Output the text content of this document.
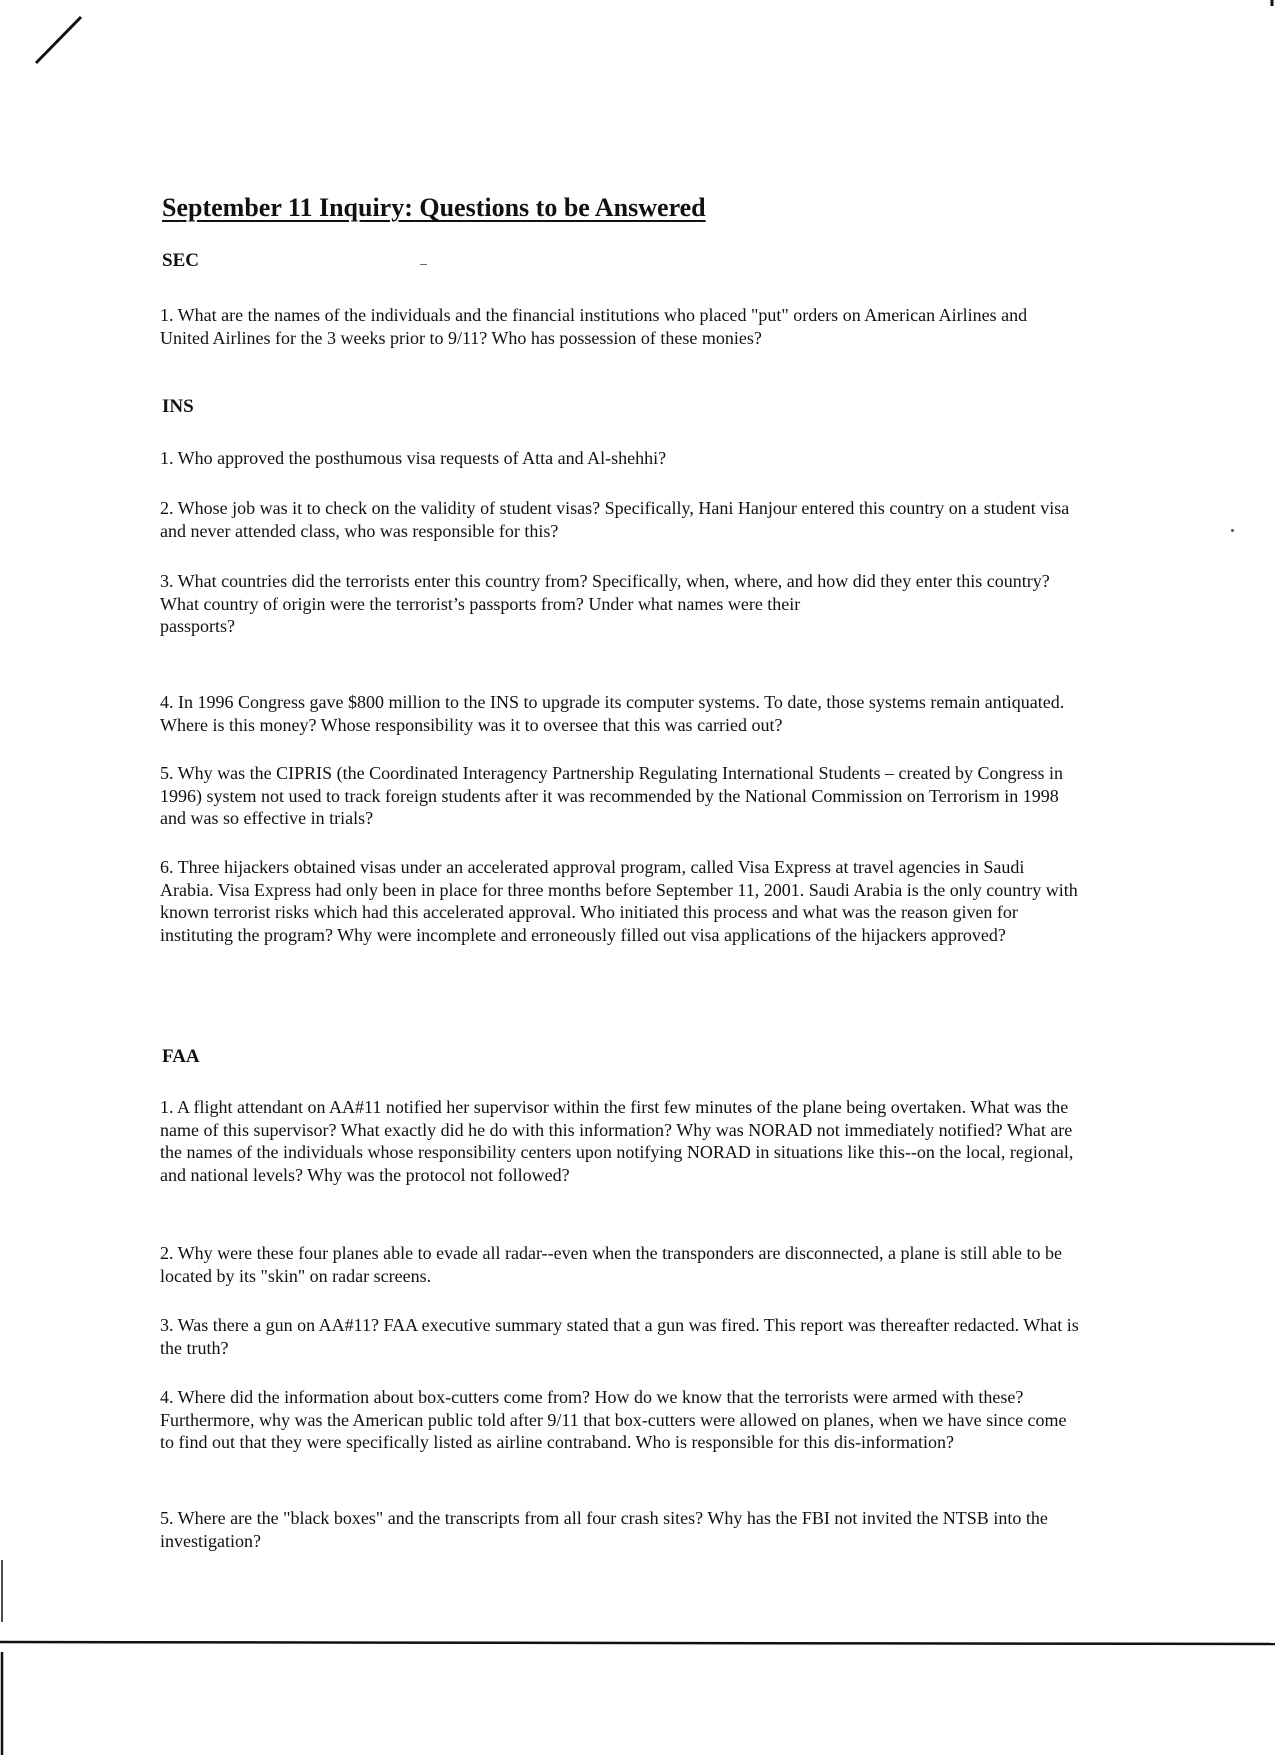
September 11 Inquiry: Questions to be Answered
SEC

1. What are the names of the individuals and the financial institutions who placed "put" orders on American Airlines and United Airlines for the 3 weeks prior to 9/11? Who has possession of these monies?

INS

1. Who approved the posthumous visa requests of Atta and Al-shehhi?

2. Whose job was it to check on the validity of student visas? Specifically, Hani Hanjour entered this country on a student visa and never attended class, who was responsible for this?

3. What countries did the terrorists enter this country from? Specifically, when, where, and how did they enter this country? What country of origin were the terrorist’s passports from? Under what names were their
passports?

4. In 1996 Congress gave $800 million to the INS to upgrade its computer systems. To date, those systems remain antiquated. Where is this money? Whose responsibility was it to oversee that this was carried out?

5. Why was the CIPRIS (the Coordinated Interagency Partnership Regulating International Students – created by Congress in 1996) system not used to track foreign students after it was recommended by the National Commission on Terrorism in 1998 and was so effective in trials?

6. Three hijackers obtained visas under an accelerated approval program, called Visa Express at travel agencies in Saudi Arabia. Visa Express had only been in place for three months before September 11, 2001. Saudi Arabia is the only country with known terrorist risks which had this accelerated approval. Who initiated this process and what was the reason given for instituting the program? Why were incomplete and erroneously filled out visa applications of the hijackers approved?

FAA

1. A flight attendant on AA#11 notified her supervisor within the first few minutes of the plane being overtaken. What was the name of this supervisor? What exactly did he do with this information? Why was NORAD not immediately notified? What are the names of the individuals whose responsibility centers upon notifying NORAD in situations like this--on the local, regional, and national levels? Why was the protocol not followed?

2. Why were these four planes able to evade all radar--even when the transponders are disconnected, a plane is still able to be located by its "skin" on radar screens.

3. Was there a gun on AA#11? FAA executive summary stated that a gun was fired. This report was thereafter redacted. What is the truth?

4. Where did the information about box-cutters come from? How do we know that the terrorists were armed with these? Furthermore, why was the American public told after 9/11 that box-cutters were allowed on planes, when we have since come to find out that they were specifically listed as airline contraband. Who is responsible for this dis-information?

5. Where are the "black boxes" and the transcripts from all four crash sites? Why has the FBI not invited the NTSB into the investigation?
